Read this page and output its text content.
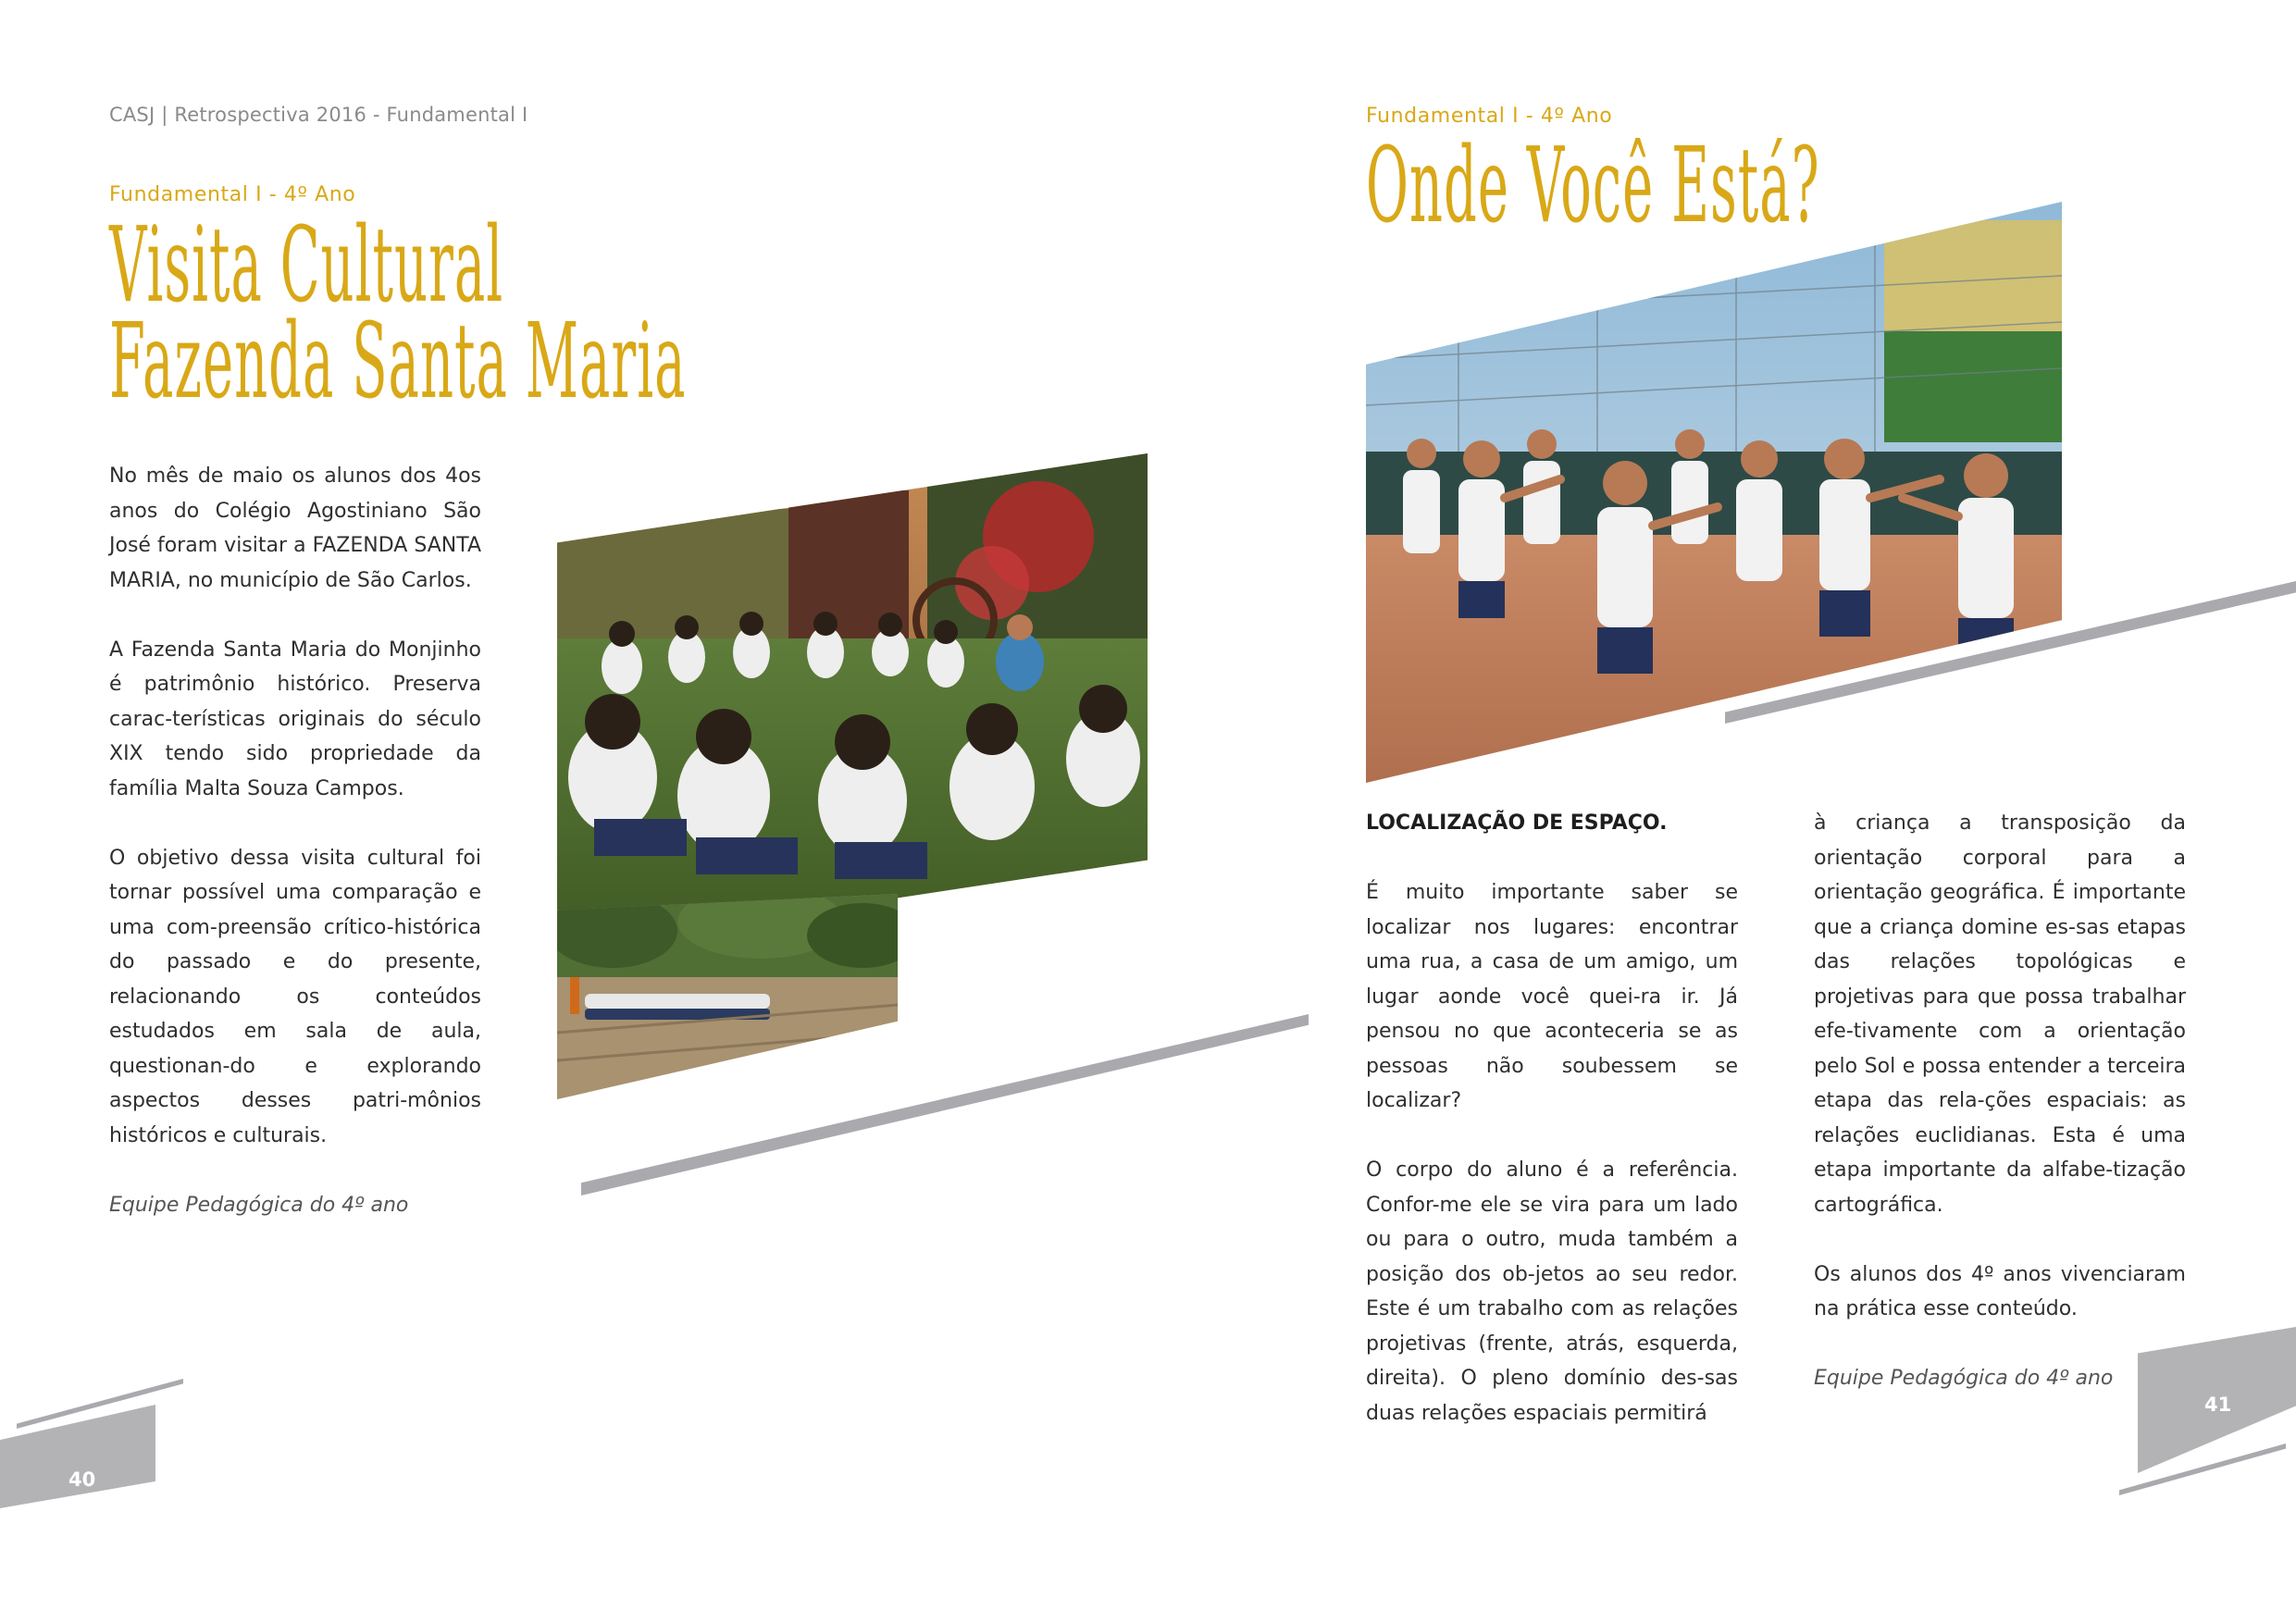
CASJ | Retrospectiva 2016 - Fundamental I
Fundamental I - 4º Ano
Visita Cultural
Fazenda Santa Maria

No mês de maio os alunos dos 4os anos do Colégio Agostiniano São José foram visitar a FAZENDA SANTA MARIA, no município de São Carlos.

A Fazenda Santa Maria do Monjinho é patrimônio histórico. Preserva carac-terísticas originais do século XIX tendo sido propriedade da família Malta Souza Campos.

O objetivo dessa visita cultural foi tornar possível uma comparação e uma com-preensão crítico-histórica do passado e do presente, relacionando os conteúdos estudados em sala de aula, questionan-do e explorando aspectos desses patri-mônios históricos e culturais.

Equipe Pedagógica do 4º ano
40
Fundamental I - 4º Ano
Onde Você Está?
LOCALIZAÇÃO DE ESPAÇO.

É muito importante saber se localizar nos lugares: encontrar uma rua, a casa de um amigo, um lugar aonde você quei-ra ir. Já pensou no que aconteceria se as pessoas não soubessem se localizar?

O corpo do aluno é a referência. Confor-me ele se vira para um lado ou para o outro, muda também a posição dos ob-jetos ao seu redor. Este é um trabalho com as relações projetivas (frente, atrás, esquerda, direita). O pleno domínio des-sas duas relações espaciais permitirá

à criança a transposição da orientação corporal para a orientação geográfica. É importante que a criança domine es-sas etapas das relações topológicas e projetivas para que possa trabalhar efe-tivamente com a orientação pelo Sol e possa entender a terceira etapa das rela-ções espaciais: as relações euclidianas. Esta é uma etapa importante da alfabe-tização cartográfica.

Os alunos dos 4º anos vivenciaram na prática esse conteúdo.

Equipe Pedagógica do 4º ano
41
